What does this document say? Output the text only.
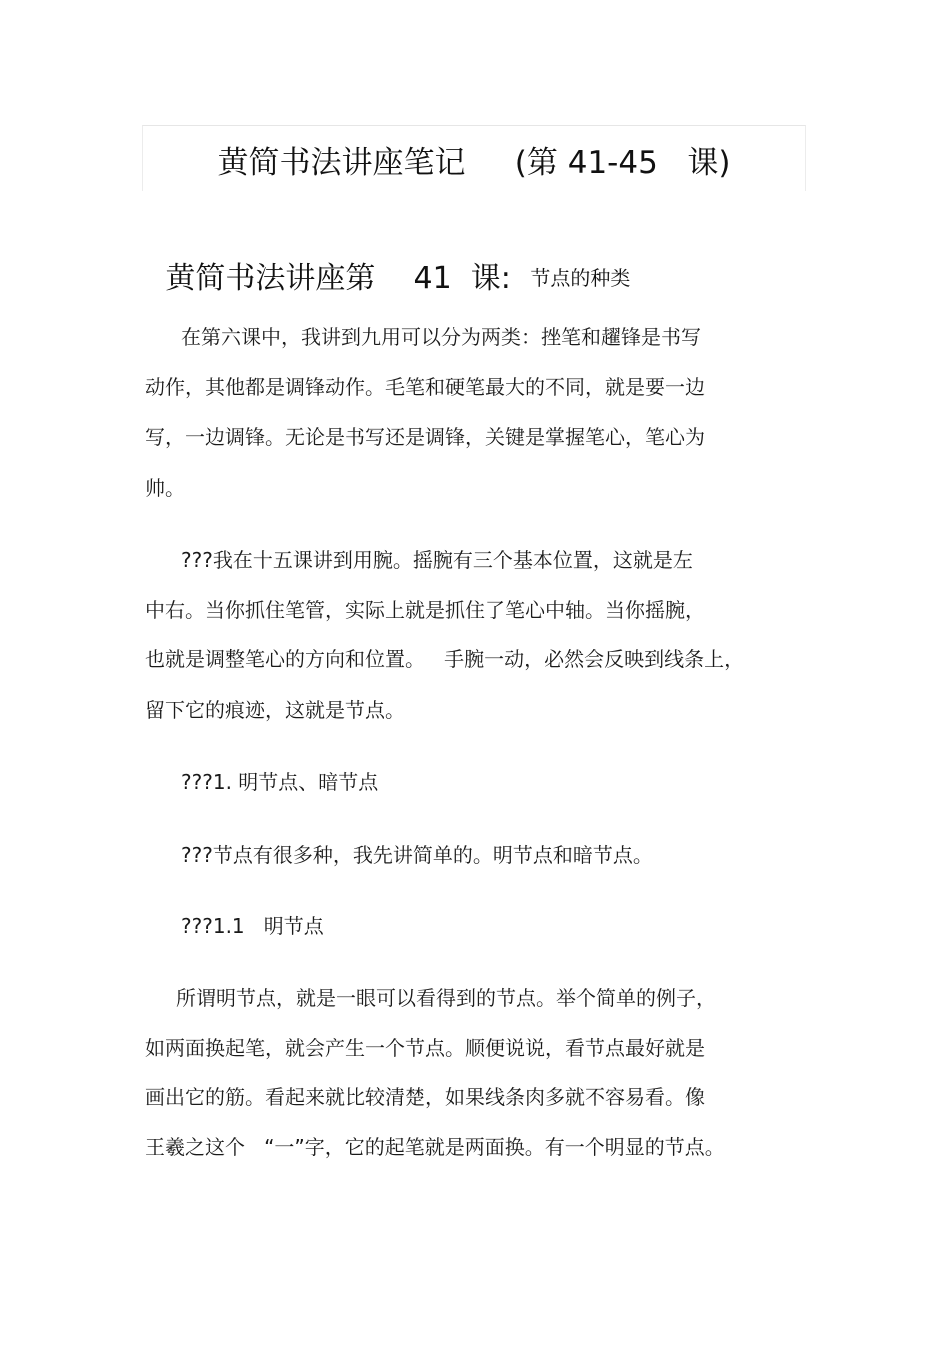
黄简书法讲座笔记     (第 41-45   课)

黄简书法讲座第    41  课: 节点的种类

在第六课中，我讲到九用可以分为两类：挫笔和趯锋是书写
动作，其他都是调锋动作。毛笔和硬笔最大的不同，就是要一边
写，一边调锋。无论是书写还是调锋，关键是掌握笔心，笔心为
帅。
???我在十五课讲到用腕。摇腕有三个基本位置，这就是左
中右。当你抓住笔管，实际上就是抓住了笔心中轴。当你摇腕，
也就是调整笔心的方向和位置。   手腕一动，必然会反映到线条上，
留下它的痕迹，这就是节点。
???1. 明节点、暗节点
???节点有很多种，我先讲简单的。明节点和暗节点。
???1.1   明节点
所谓明节点，就是一眼可以看得到的节点。举个简单的例子，
如两面换起笔，就会产生一个节点。顺便说说，看节点最好就是
画出它的筋。看起来就比较清楚，如果线条肉多就不容易看。像
王羲之这个   “一”字，它的起笔就是两面换。有一个明显的节点。
